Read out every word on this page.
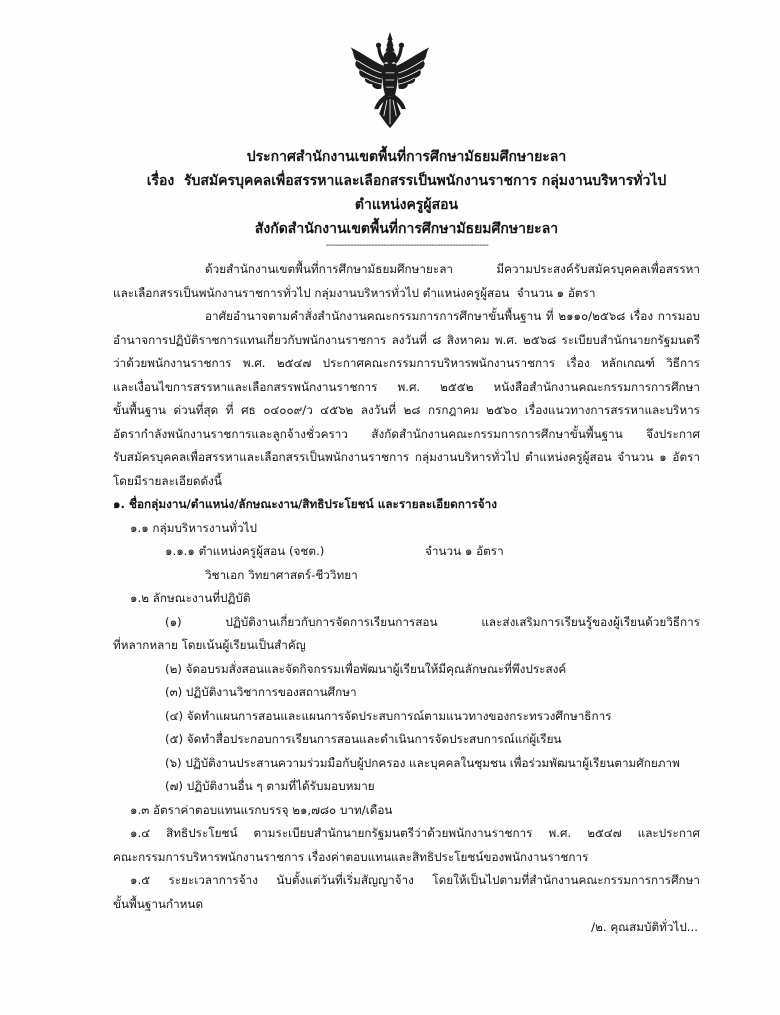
ประกาศสำนักงานเขตพื้นที่การศึกษามัธยมศึกษายะลา
เรื่อง  รับสมัครบุคคลเพื่อสรรหาและเลือกสรรเป็นพนักงานราชการ กลุ่มงานบริหารทั่วไป
ตำแหน่งครูผู้สอน
สังกัดสำนักงานเขตพื้นที่การศึกษามัธยมศึกษายะลา
------------------------------------------------------
ด้วยสำนักงานเขตพื้นที่การศึกษามัธยมศึกษายะลา มีความประสงค์รับสมัครบุคคลเพื่อสรรหา
และเลือกสรรเป็นพนักงานราชการทั่วไป กลุ่มงานบริหารทั่วไป ตำแหน่งครูผู้สอน  จำนวน ๑ อัตรา
อาศัยอำนาจตามคำสั่งสำนักงานคณะกรรมการการศึกษาขั้นพื้นฐาน ที่ ๒๑๑๐/๒๕๖๘ เรื่อง การมอบ
อำนาจการปฏิบัติราชการแทนเกี่ยวกับพนักงานราชการ ลงวันที่ ๘ สิงหาคม พ.ศ. ๒๕๖๘ ระเบียบสำนักนายกรัฐมนตรี
ว่าด้วยพนักงานราชการ พ.ศ. ๒๕๔๗ ประกาศคณะกรรมการบริหารพนักงานราชการ เรื่อง หลักเกณฑ์ วิธีการ
และเงื่อนไขการสรรหาและเลือกสรรพนักงานราชการ พ.ศ. ๒๕๕๒ หนังสือสำนักงานคณะกรรมการการศึกษา
ขั้นพื้นฐาน ด่วนที่สุด ที่ ศธ ๐๔๐๐๙/ว ๔๕๖๒ ลงวันที่ ๒๘ กรกฎาคม ๒๕๖๐ เรื่องแนวทางการสรรหาและบริหาร
อัตรากำลังพนักงานราชการและลูกจ้างชั่วคราว สังกัดสำนักงานคณะกรรมการการศึกษาขั้นพื้นฐาน จึงประกาศ
รับสมัครบุคคลเพื่อสรรหาและเลือกสรรเป็นพนักงานราชการ กลุ่มงานบริหารทั่วไป ตำแหน่งครูผู้สอน จำนวน ๑ อัตรา
โดยมีรายละเอียดดังนี้
๑. ชื่อกลุ่มงาน/ตำแหน่ง/ลักษณะงาน/สิทธิประโยชน์ และรายละเอียดการจ้าง
๑.๑ กลุ่มบริหารงานทั่วไป
๑.๑.๑ ตำแหน่งครูผู้สอน (จชต.)	จำนวน ๑ อัตรา
วิชาเอก วิทยาศาสตร์-ชีววิทยา
๑.๒ ลักษณะงานที่ปฏิบัติ
(๑) ปฏิบัติงานเกี่ยวกับการจัดการเรียนการสอน และส่งเสริมการเรียนรู้ของผู้เรียนด้วยวิธีการ
ที่หลากหลาย โดยเน้นผู้เรียนเป็นสำคัญ
(๒) จัดอบรมสั่งสอนและจัดกิจกรรมเพื่อพัฒนาผู้เรียนให้มีคุณลักษณะที่พึงประสงค์
(๓) ปฏิบัติงานวิชาการของสถานศึกษา
(๔) จัดทำแผนการสอนและแผนการจัดประสบการณ์ตามแนวทางของกระทรวงศึกษาธิการ
(๕) จัดทำสื่อประกอบการเรียนการสอนและดำเนินการจัดประสบการณ์แก่ผู้เรียน
(๖) ปฏิบัติงานประสานความร่วมมือกับผู้ปกครอง และบุคคลในชุมชน เพื่อร่วมพัฒนาผู้เรียนตามศักยภาพ
(๗) ปฏิบัติงานอื่น ๆ ตามที่ได้รับมอบหมาย
๑.๓ อัตราค่าตอบแทนแรกบรรจุ ๒๑,๗๘๐ บาท/เดือน
๑.๔ สิทธิประโยชน์ ตามระเบียบสำนักนายกรัฐมนตรีว่าด้วยพนักงานราชการ พ.ศ. ๒๕๔๗ และประกาศ
คณะกรรมการบริหารพนักงานราชการ เรื่องค่าตอบแทนและสิทธิประโยชน์ของพนักงานราชการ
๑.๕ ระยะเวลาการจ้าง นับตั้งแต่วันที่เริ่มสัญญาจ้าง โดยให้เป็นไปตามที่สำนักงานคณะกรรมการการศึกษา
ขั้นพื้นฐานกำหนด
/๒. คุณสมบัติทั่วไป...
